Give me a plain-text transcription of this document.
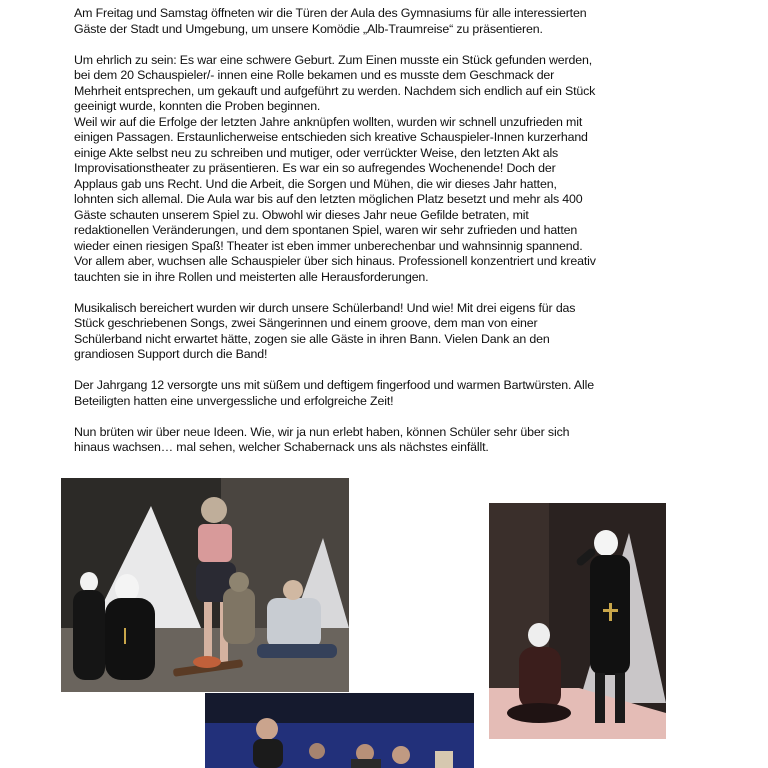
Am Freitag und Samstag öffneten wir die Türen der Aula des Gymnasiums für alle interessierten
Gäste der Stadt und Umgebung, um unsere Komödie „Alb-Traumreise“ zu präsentieren.

Um ehrlich zu sein: Es war eine schwere Geburt. Zum Einen musste ein Stück gefunden werden,
bei dem 20 Schauspieler/- innen eine Rolle bekamen und es musste dem Geschmack der
Mehrheit entsprechen, um gekauft und aufgeführt zu werden. Nachdem sich endlich auf ein Stück
geeinigt wurde, konnten die Proben beginnen.
Weil wir auf die Erfolge der letzten Jahre anknüpfen wollten, wurden wir schnell unzufrieden mit
einigen Passagen. Erstaunlicherweise entschieden sich kreative Schauspieler-Innen kurzerhand
einige Akte selbst neu zu schreiben und mutiger, oder verrückter Weise, den letzten Akt als
Improvisationstheater zu präsentieren. Es war ein so aufregendes Wochenende! Doch der
Applaus gab uns Recht. Und die Arbeit, die Sorgen und Mühen, die wir dieses Jahr hatten,
lohnten sich allemal. Die Aula war bis auf den letzten möglichen Platz besetzt und mehr als 400
Gäste schauten unserem Spiel zu. Obwohl wir dieses Jahr neue Gefilde betraten, mit
redaktionellen Veränderungen, und dem spontanen Spiel, waren wir sehr zufrieden und hatten
wieder einen riesigen Spaß! Theater ist eben immer unberechenbar und wahnsinnig spannend.
Vor allem aber, wuchsen alle Schauspieler über sich hinaus. Professionell konzentriert und kreativ
tauchten sie in ihre Rollen und meisterten alle Herausforderungen.

Musikalisch bereichert wurden wir durch unsere Schülerband! Und wie! Mit drei eigens für das
Stück geschriebenen Songs, zwei Sängerinnen und einem groove, dem man von einer
Schülerband nicht erwartet hätte, zogen sie alle Gäste in ihren Bann. Vielen Dank an den
grandiosen Support durch die Band!

Der Jahrgang 12 versorgte uns mit süßem und deftigem fingerfood und warmen Bartwürsten. Alle
Beteiligten hatten eine unvergessliche und erfolgreiche Zeit!

Nun brüten wir über neue Ideen. Wie, wir ja nun erlebt haben, können Schüler sehr über sich
hinaus wachsen… mal sehen, welcher Schabernack uns als nächstes einfällt.
